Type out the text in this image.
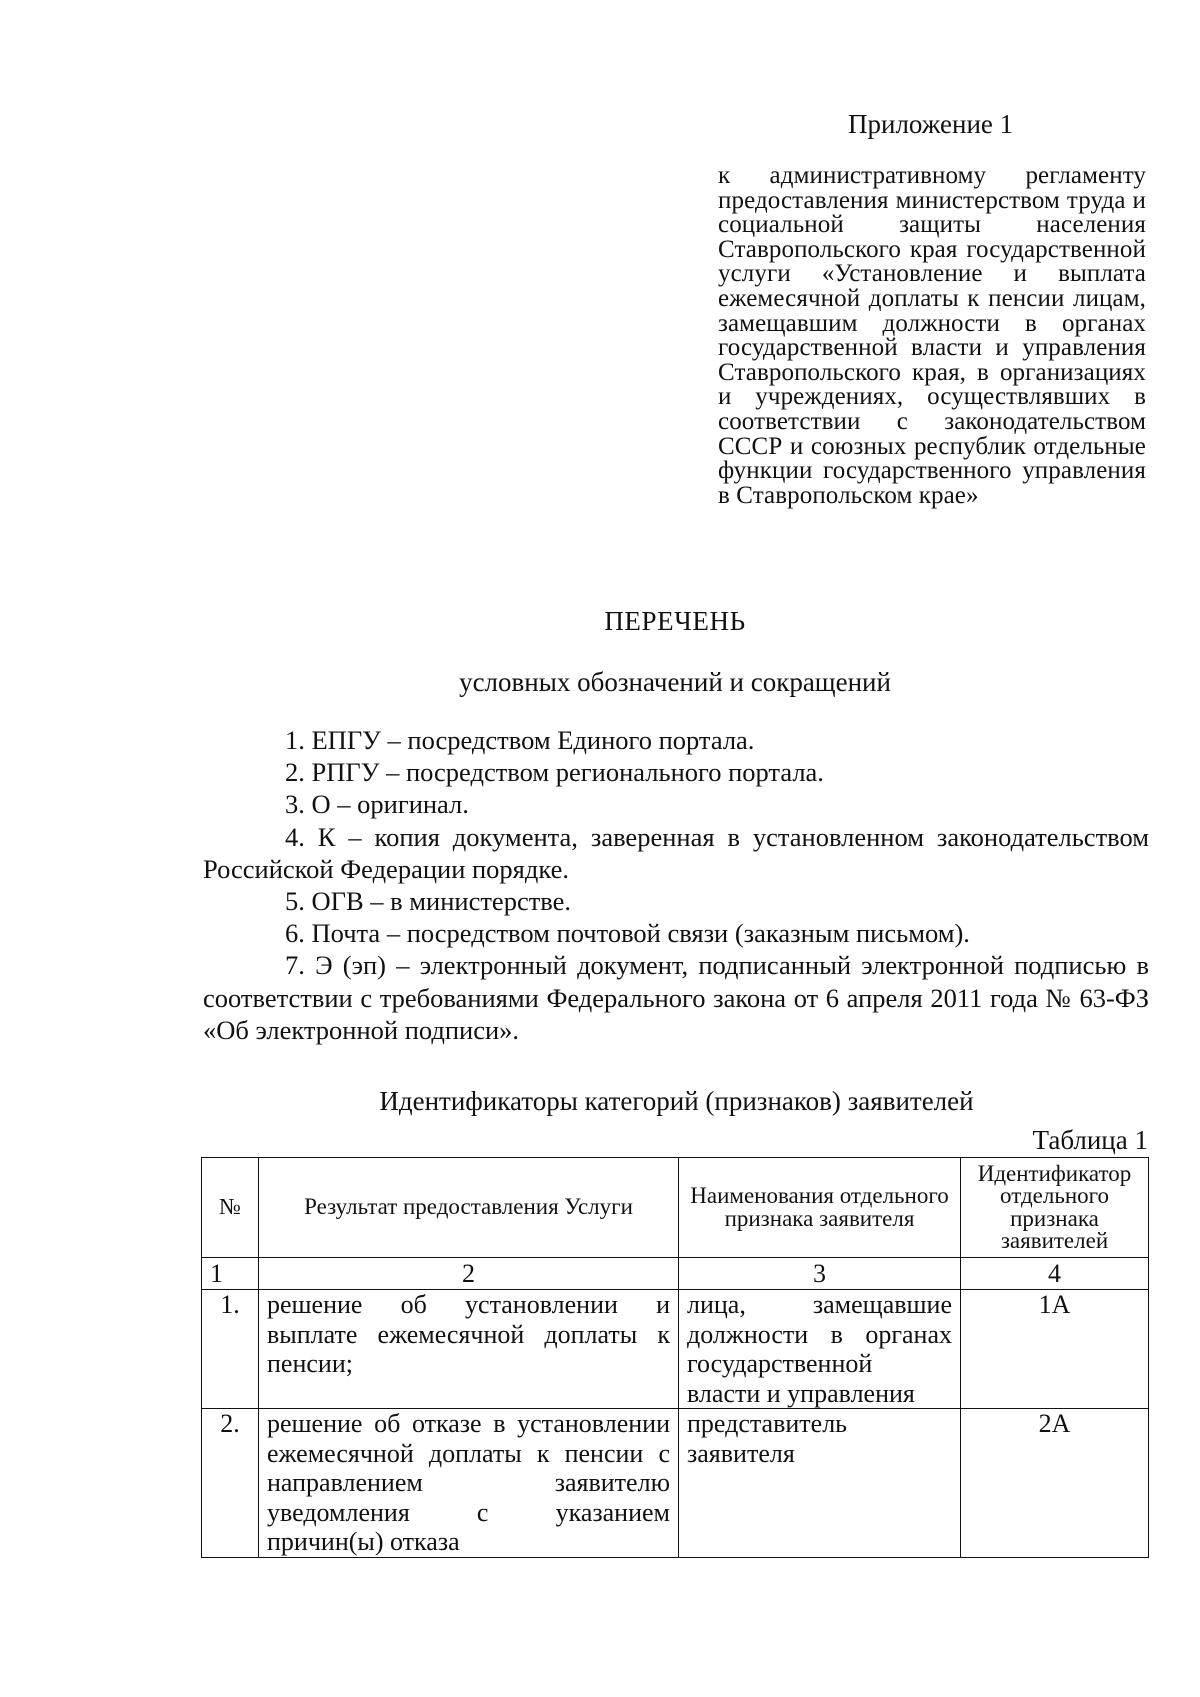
Приложение 1
к административному регламенту предоставления министерством труда и социальной защиты населения Ставропольского края государственной услуги «Установление и выплата ежемесячной доплаты к пенсии лицам, замещавшим должности в органах государственной власти и управления Ставропольского края, в организациях и учреждениях, осуществлявших в соответствии с законодательством СССР и союзных республик отдельные функции государственного управления в Ставропольском крае»
ПЕРЕЧЕНЬ
условных обозначений и сокращений

1. ЕПГУ – посредством Единого портала.

2. РПГУ – посредством регионального портала.

3. О – оригинал.

4. К – копия документа, заверенная в установленном законодательством Российской Федерации порядке.

5. ОГВ – в министерстве.

6. Почта – посредством почтовой связи (заказным письмом).

7. Э (эп) – электронный документ, подписанный электронной подписью в соответствии с требованиями Федерального закона от 6 апреля 2011 года № 63-ФЗ «Об электронной подписи».

Идентификаторы категорий (признаков) заявителей
Таблица 1
№	Результат предоставления Услуги	Наименования отдельного признака заявителя	Идентификатор отдельного признака заявителей
1	2	3	4
1.	решение об установлении и выплате ежемесячной доплаты к пенсии;	лица, замещавшие должности в органах государственной власти и управления	1А
2.	решение об отказе в установлении ежемесячной доплаты к пенсии с направлением заявителю уведомления с указанием причин(ы) отказа	представитель заявителя	2А
